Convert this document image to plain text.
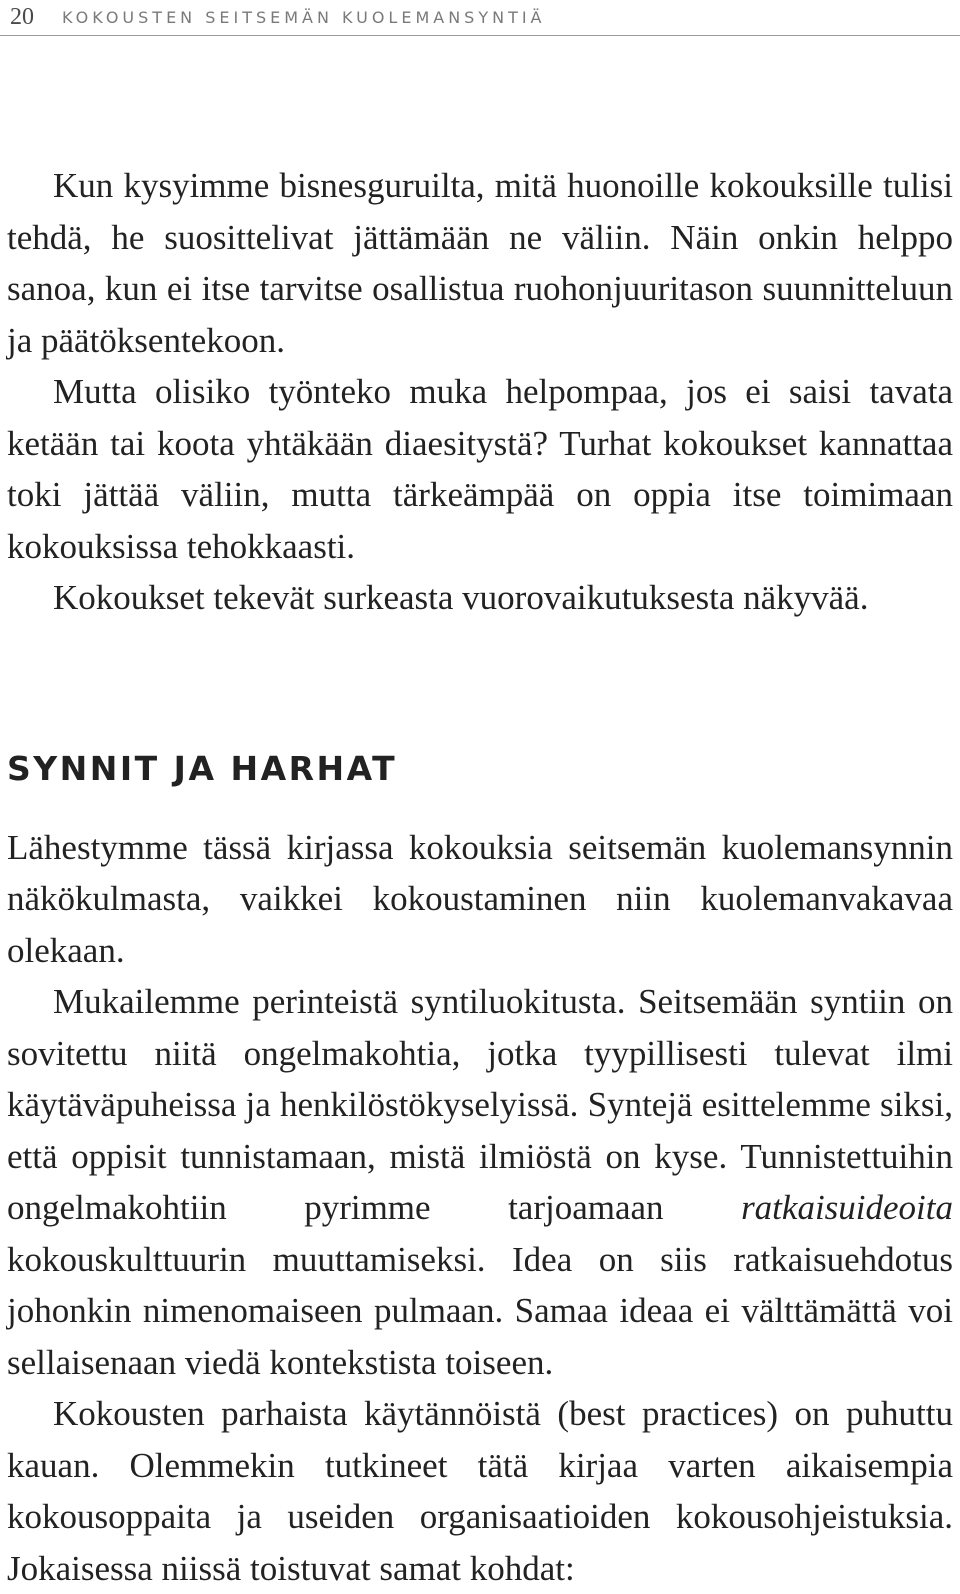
20 KOKOUSTEN SEITSEMÄN KUOLEMANSYNTIÄ

Kun kysyimme bisnesguruilta, mitä huonoille kokouksille tulisi tehdä, he suosittelivat jättämään ne väliin. Näin onkin helppo sanoa, kun ei itse tarvitse osallistua ruohonjuuritason suunnitteluun ja päätöksentekoon.

Mutta olisiko työnteko muka helpompaa, jos ei saisi tavata ketään tai koota yhtäkään diaesitystä? Turhat kokoukset kannattaa toki jättää väliin, mutta tärkeämpää on oppia itse toimimaan kokouksissa tehokkaasti.

Kokoukset tekevät surkeasta vuorovaikutuksesta näkyvää.

SYNNIT JA HARHAT

Lähestymme tässä kirjassa kokouksia seitsemän kuolemansynnin näkökulmasta, vaikkei kokoustaminen niin kuolemanvakavaa olekaan.

Mukailemme perinteistä syntiluokitusta. Seitsemään syntiin on sovitettu niitä ongelmakohtia, jotka tyypillisesti tulevat ilmi käytäväpuheissa ja henkilöstökyselyissä. Syntejä esittelemme siksi, että oppisit tunnistamaan, mistä ilmiöstä on kyse. Tunnistettuihin ongelmakohtiin pyrimme tarjoamaan ratkaisuideoita kokouskulttuurin muuttamiseksi. Idea on siis ratkaisuehdotus johonkin nimenomaiseen pulmaan. Samaa ideaa ei välttämättä voi sellaisenaan viedä kontekstista toiseen.

Kokousten parhaista käytännöistä (best practices) on puhuttu kauan. Olemmekin tutkineet tätä kirjaa varten aikaisempia kokousoppaita ja useiden organisaatioiden kokousohjeistuksia. Jokaisessa niissä toistuvat samat kohdat:
